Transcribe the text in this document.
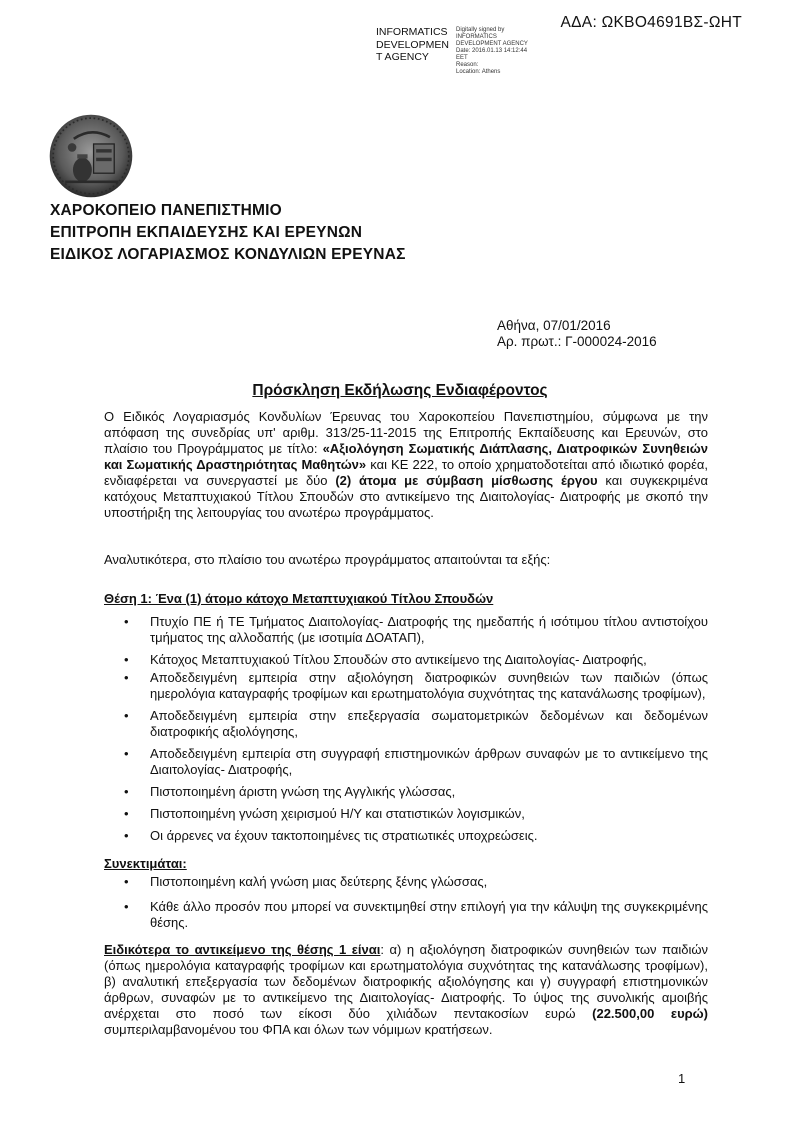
ΑΔΑ: ΩΚΒΟ4691ΒΣ-ΩΗΤ
INFORMATICS
DEVELOPMEN
T AGENCY
Digitally signed by
INFORMATICS
DEVELOPMENT AGENCY
Date: 2016.01.13 14:12:44
EET
Reason:
Location: Athens
ΧΑΡΟΚΟΠΕΙΟ ΠΑΝΕΠΙΣΤΗΜΙΟ
ΕΠΙΤΡΟΠΗ ΕΚΠΑΙΔΕΥΣΗΣ ΚΑΙ ΕΡΕΥΝΩΝ
ΕΙΔΙΚΟΣ ΛΟΓΑΡΙΑΣΜΟΣ ΚΟΝΔΥΛΙΩΝ ΕΡΕΥΝΑΣ
Αθήνα, 07/01/2016
Αρ. πρωτ.: Γ-000024-2016
Πρόσκληση Εκδήλωσης Ενδιαφέροντος
Ο Ειδικός Λογαριασμός Κονδυλίων Έρευνας του Χαροκοπείου Πανεπιστημίου, σύμφωνα με την απόφαση της συνεδρίας υπ' αριθμ. 313/25-11-2015 της Επιτροπής Εκπαίδευσης και Ερευνών, στο πλαίσιο του Προγράμματος με τίτλο: «Αξιολόγηση Σωματικής Διάπλασης, Διατροφικών Συνηθειών και Σωματικής Δραστηριότητας Μαθητών» και ΚΕ 222, το οποίο χρηματοδοτείται από ιδιωτικό φορέα, ενδιαφέρεται να συνεργαστεί με δύο (2) άτομα με σύμβαση μίσθωσης έργου και συγκεκριμένα κατόχους Μεταπτυχιακού Τίτλου Σπουδών στο αντικείμενο της Διαιτολογίας- Διατροφής με σκοπό την υποστήριξη της λειτουργίας του ανωτέρω προγράμματος.
Αναλυτικότερα, στο πλαίσιο του ανωτέρω προγράμματος απαιτούνται τα εξής:
Θέση 1: Ένα (1) άτομο κάτοχο Μεταπτυχιακού Τίτλου Σπουδών
• Πτυχίο ΠΕ ή ΤΕ Τμήματος Διαιτολογίας- Διατροφής της ημεδαπής ή ισότιμου τίτλου αντιστοίχου τμήματος της αλλοδαπής (με ισοτιμία ΔΟΑΤΑΠ),
• Κάτοχος Μεταπτυχιακού Τίτλου Σπουδών στο αντικείμενο της Διαιτολογίας- Διατροφής,
• Αποδεδειγμένη εμπειρία στην αξιολόγηση διατροφικών συνηθειών των παιδιών (όπως ημερολόγια καταγραφής τροφίμων και ερωτηματολόγια συχνότητας της κατανάλωσης τροφίμων),
• Αποδεδειγμένη εμπειρία στην επεξεργασία σωματομετρικών δεδομένων και δεδομένων διατροφικής αξιολόγησης,
• Αποδεδειγμένη εμπειρία στη συγγραφή επιστημονικών άρθρων συναφών με το αντικείμενο της Διαιτολογίας- Διατροφής,
• Πιστοποιημένη άριστη γνώση της Αγγλικής γλώσσας,
• Πιστοποιημένη γνώση χειρισμού Η/Υ και στατιστικών λογισμικών,
• Οι άρρενες να έχουν τακτοποιημένες τις στρατιωτικές υποχρεώσεις.
Συνεκτιμάται:
• Πιστοποιημένη καλή γνώση μιας δεύτερης ξένης γλώσσας,
• Κάθε άλλο προσόν που μπορεί να συνεκτιμηθεί στην επιλογή για την κάλυψη της συγκεκριμένης θέσης.
Ειδικότερα το αντικείμενο της θέσης 1 είναι: α) η αξιολόγηση διατροφικών συνηθειών των παιδιών (όπως ημερολόγια καταγραφής τροφίμων και ερωτηματολόγια συχνότητας της κατανάλωσης τροφίμων), β) αναλυτική επεξεργασία των δεδομένων διατροφικής αξιολόγησης και γ) συγγραφή επιστημονικών άρθρων, συναφών με το αντικείμενο της Διαιτολογίας- Διατροφής. Το ύψος της συνολικής αμοιβής ανέρχεται στο ποσό των είκοσι δύο χιλιάδων πεντακοσίων ευρώ (22.500,00 ευρώ) συμπεριλαμβανομένου του ΦΠΑ και όλων των νόμιμων κρατήσεων.
1
